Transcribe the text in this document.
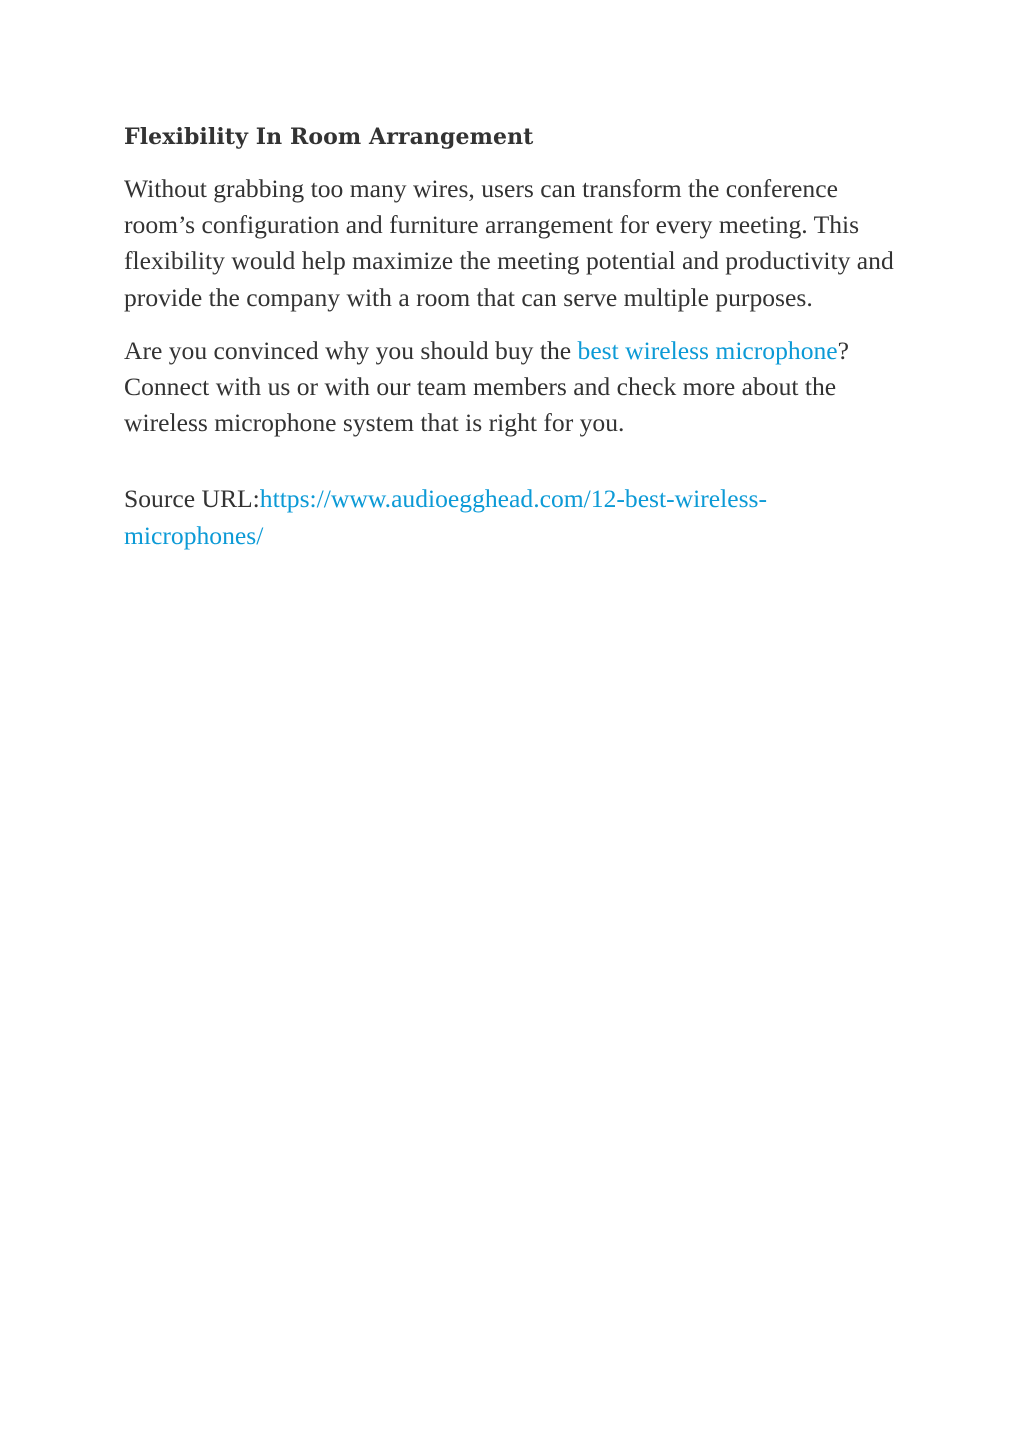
Flexibility In Room Arrangement

Without grabbing too many wires, users can transform the conference room’s configuration and furniture arrangement for every meeting. This flexibility would help maximize the meeting potential and productivity and provide the company with a room that can serve multiple purposes.

Are you convinced why you should buy the best wireless microphone? Connect with us or with our team members and check more about the wireless microphone system that is right for you.

Source URL:https://www.audioegghead.com/12-best-wireless-microphones/
